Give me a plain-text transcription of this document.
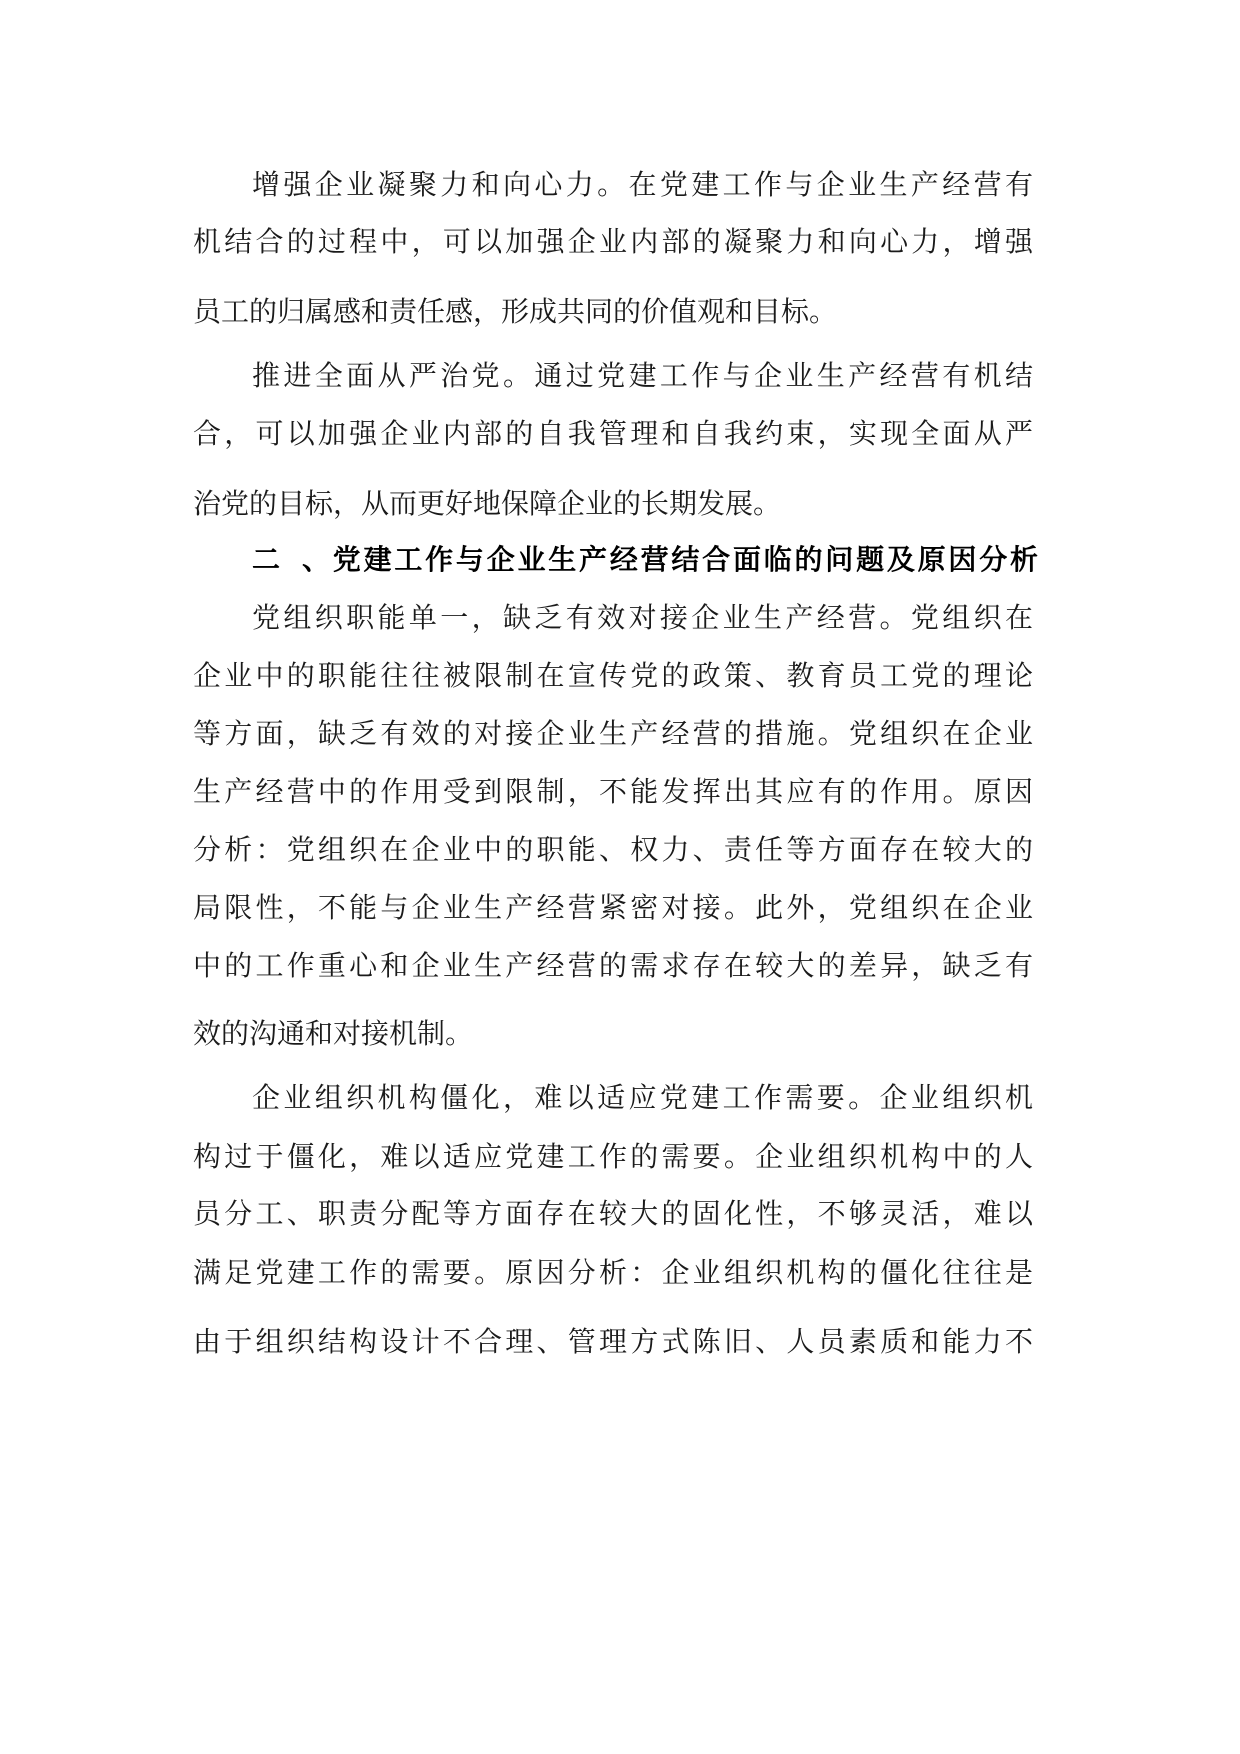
增强企业凝聚力和向心力。在党建工作与企业生产经营有
机结合的过程中，可以加强企业内部的凝聚力和向心力，增强
员工的归属感和责任感，形成共同的价值观和目标。
推进全面从严治党。通过党建工作与企业生产经营有机结
合，可以加强企业内部的自我管理和自我约束，实现全面从严
治党的目标，从而更好地保障企业的长期发展。
二、党建工作与企业生产经营结合面临的问题及原因分析
党组织职能单一，缺乏有效对接企业生产经营。党组织在
企业中的职能往往被限制在宣传党的政策、教育员工党的理论
等方面，缺乏有效的对接企业生产经营的措施。党组织在企业
生产经营中的作用受到限制，不能发挥出其应有的作用。原因
分析：党组织在企业中的职能、权力、责任等方面存在较大的
局限性，不能与企业生产经营紧密对接。此外，党组织在企业
中的工作重心和企业生产经营的需求存在较大的差异，缺乏有
效的沟通和对接机制。
企业组织机构僵化，难以适应党建工作需要。企业组织机
构过于僵化，难以适应党建工作的需要。企业组织机构中的人
员分工、职责分配等方面存在较大的固化性，不够灵活，难以
满足党建工作的需要。原因分析：企业组织机构的僵化往往是
由于组织结构设计不合理、管理方式陈旧、人员素质和能力不
